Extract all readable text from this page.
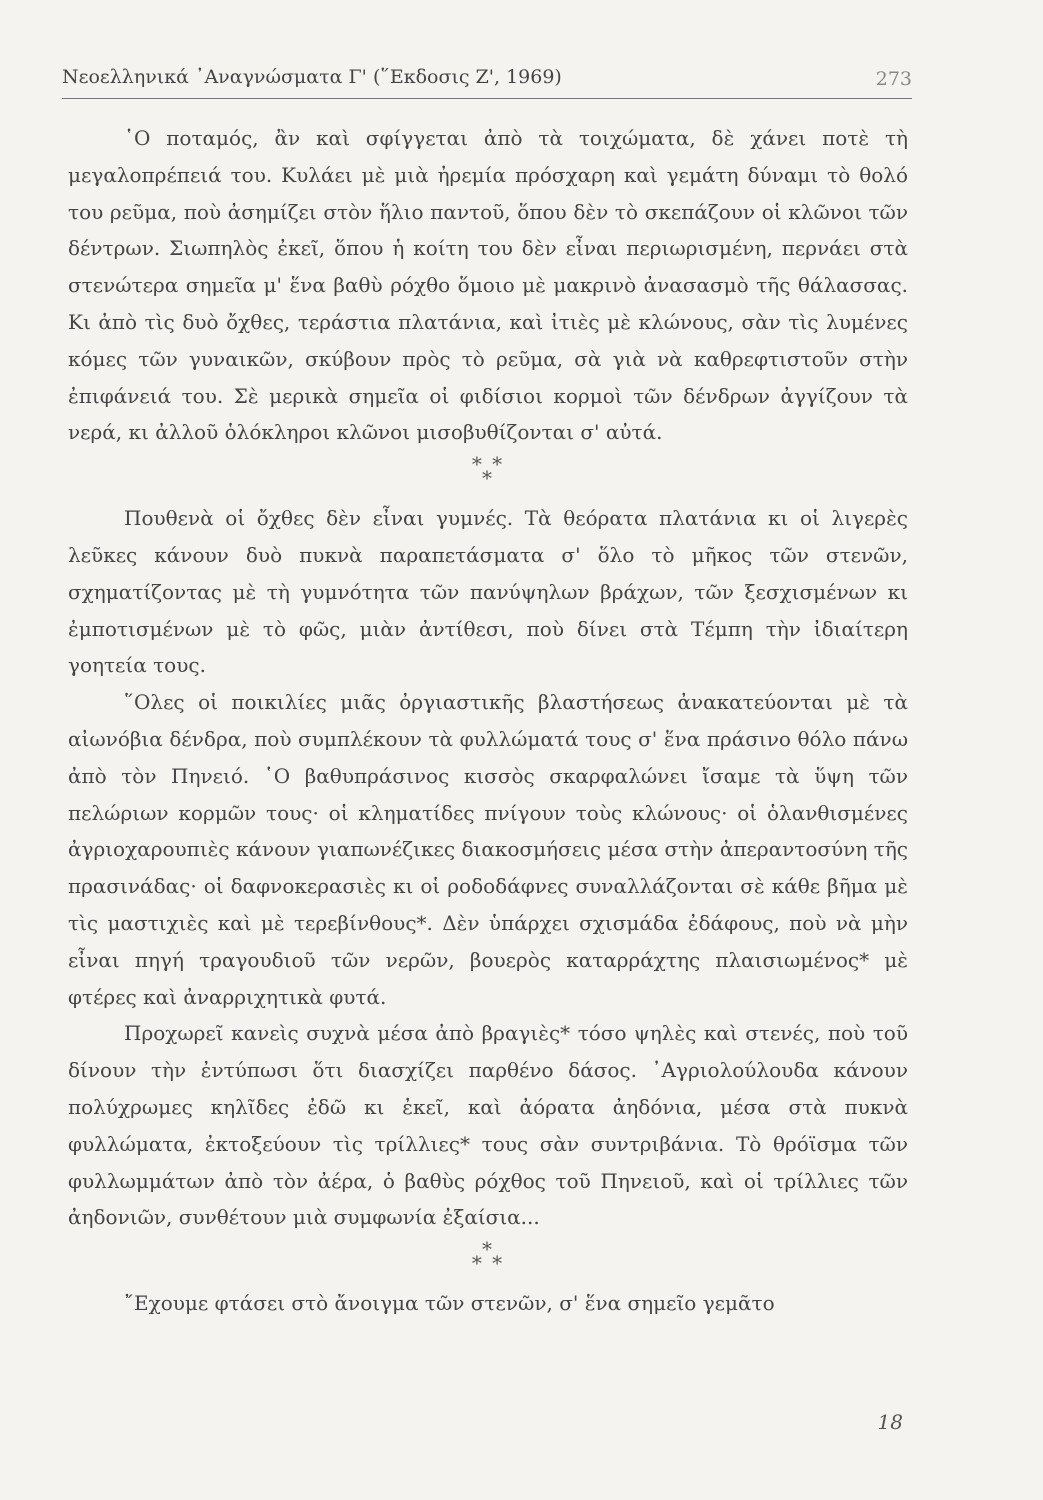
Νεοελληνικά ᾿Αναγνώσματα Γ' (῞Εκδοσις Ζ', 1969)	273

῾Ο ποταμός, ἂν καὶ σφίγγεται ἀπὸ τὰ τοιχώματα, δὲ χάνει ποτὲ τὴ μεγαλοπρέπειά του. Κυλάει μὲ μιὰ ἠρεμία πρόσχαρη καὶ γεμάτη δύναμι τὸ θολό του ρεῦμα, ποὺ ἀσημίζει στὸν ἥλιο παντοῦ, ὅπου δὲν τὸ σκεπάζουν οἱ κλῶνοι τῶν δέντρων. Σιωπηλὸς ἐκεῖ, ὅπου ἡ κοίτη του δὲν εἶναι περιωρισμένη, περνάει στὰ στενώτερα σημεῖα μ' ἕνα βαθὺ ρόχθο ὅμοιο μὲ μακρινὸ ἀνασασμὸ τῆς θάλασσας. Κι ἀπὸ τὶς δυὸ ὄχθες, τεράστια πλατάνια, καὶ ἰτιὲς μὲ κλώνους, σὰν τὶς λυμένες κόμες τῶν γυναικῶν, σκύβουν πρὸς τὸ ρεῦμα, σὰ γιὰ νὰ καθρεφτιστοῦν στὴν ἐπιφάνειά του. Σὲ μερικὰ σημεῖα οἱ φιδίσιοι κορμοὶ τῶν δένδρων ἀγγίζουν τὰ νερά, κι ἀλλοῦ ὁλόκληροι κλῶνοι μισοβυθίζονται σ' αὐτά.

* *
*

Πουθενὰ οἱ ὄχθες δὲν εἶναι γυμνές. Τὰ θεόρατα πλατάνια κι οἱ λιγερὲς λεῦκες κάνουν δυὸ πυκνὰ παραπετάσματα σ' ὅλο τὸ μῆκος τῶν στενῶν, σχηματίζοντας μὲ τὴ γυμνότητα τῶν πανύψηλων βράχων, τῶν ξεσχισμένων κι ἐμποτισμένων μὲ τὸ φῶς, μιὰν ἀντίθεσι, ποὺ δίνει στὰ Τέμπη τὴν ἰδιαίτερη γοητεία τους.

῞Ολες οἱ ποικιλίες μιᾶς ὀργιαστικῆς βλαστήσεως ἀνακατεύονται μὲ τὰ αἰωνόβια δένδρα, ποὺ συμπλέκουν τὰ φυλλώματά τους σ' ἕνα πράσινο θόλο πάνω ἀπὸ τὸν Πηνειό. ῾Ο βαθυπράσινος κισσὸς σκαρφαλώνει ἴσαμε τὰ ὕψη τῶν πελώριων κορμῶν τους· οἱ κληματίδες πνίγουν τοὺς κλώνους· οἱ ὁλανθισμένες ἀγριοχαρουπιὲς κάνουν γιαπωνέζικες διακοσμήσεις μέσα στὴν ἀπεραντοσύνη τῆς πρασινάδας· οἱ δαφνοκερασιὲς κι οἱ ροδοδάφνες συναλλάζονται σὲ κάθε βῆμα μὲ τὶς μαστιχιὲς καὶ μὲ τερεβίνθους*. Δὲν ὑπάρχει σχισμάδα ἐδάφους, ποὺ νὰ μὴν εἶναι πηγή τραγουδιοῦ τῶν νερῶν, βουερὸς καταρράχτης πλαισιωμένος* μὲ φτέρες καὶ ἀναρριχητικὰ φυτά.

Προχωρεῖ κανεὶς συχνὰ μέσα ἀπὸ βραγιὲς* τόσο ψηλὲς καὶ στενές, ποὺ τοῦ δίνουν τὴν ἐντύπωσι ὅτι διασχίζει παρθένο δάσος. ᾿Αγριολούλουδα κάνουν πολύχρωμες κηλῖδες ἐδῶ κι ἐκεῖ, καὶ ἀόρατα ἀηδόνια, μέσα στὰ πυκνὰ φυλλώματα, ἐκτοξεύουν τὶς τρίλλιες* τους σὰν συντριβάνια. Τὸ θρόϊσμα τῶν φυλλωμμάτων ἀπὸ τὸν ἀέρα, ὁ βαθὺς ρόχθος τοῦ Πηνειοῦ, καὶ οἱ τρίλλιες τῶν ἀηδονιῶν, συνθέτουν μιὰ συμφωνία ἐξαίσια...

*
* *

῎Εχουμε φτάσει στὸ ἄνοιγμα τῶν στενῶν, σ' ἕνα σημεῖο γεμᾶτο

18
